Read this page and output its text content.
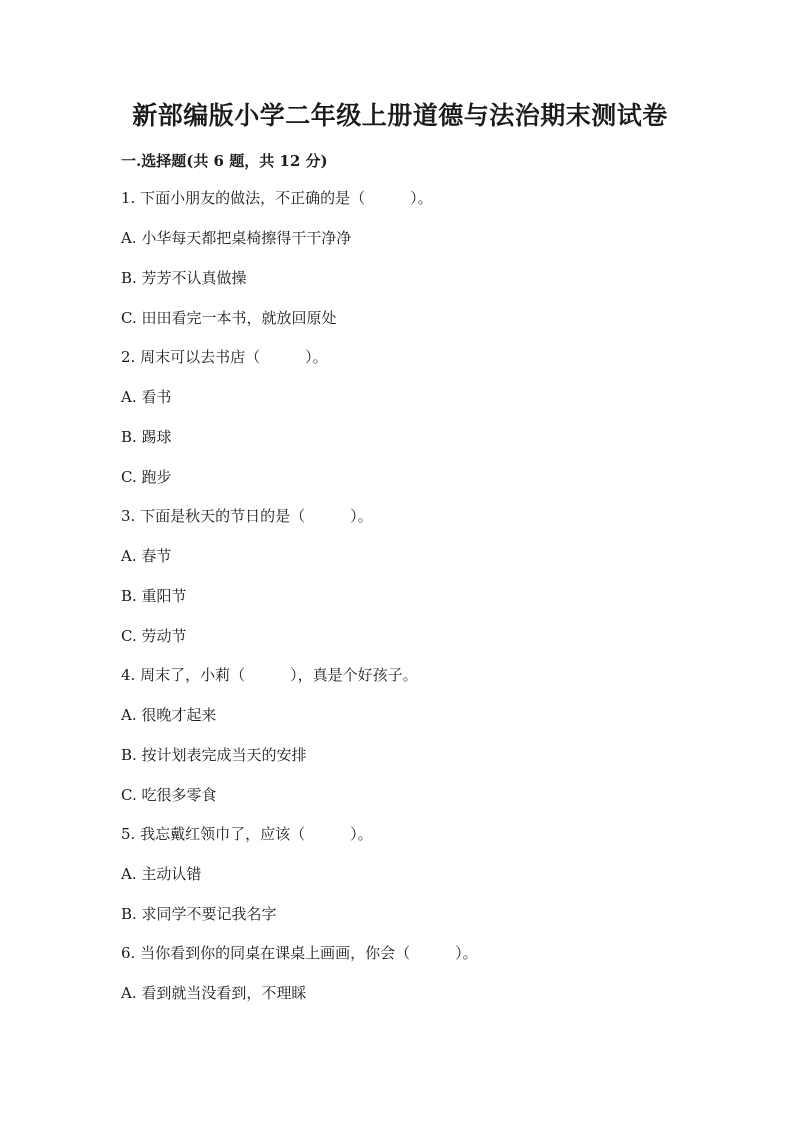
新部编版小学二年级上册道德与法治期末测试卷
一.选择题(共 6 题，共 12 分)
1. 下面小朋友的做法，不正确的是（　　　）。
A. 小华每天都把桌椅擦得干干净净
B. 芳芳不认真做操
C. 田田看完一本书，就放回原处
2. 周末可以去书店（　　　）。
A. 看书
B. 踢球
C. 跑步
3. 下面是秋天的节日的是（　　　）。
A. 春节
B. 重阳节
C. 劳动节
4. 周末了，小莉（　　　），真是个好孩子。
A. 很晚才起来
B. 按计划表完成当天的安排
C. 吃很多零食
5. 我忘戴红领巾了，应该（　　　）。
A. 主动认错
B. 求同学不要记我名字
6. 当你看到你的同桌在课桌上画画，你会（　　　）。
A. 看到就当没看到，不理睬
